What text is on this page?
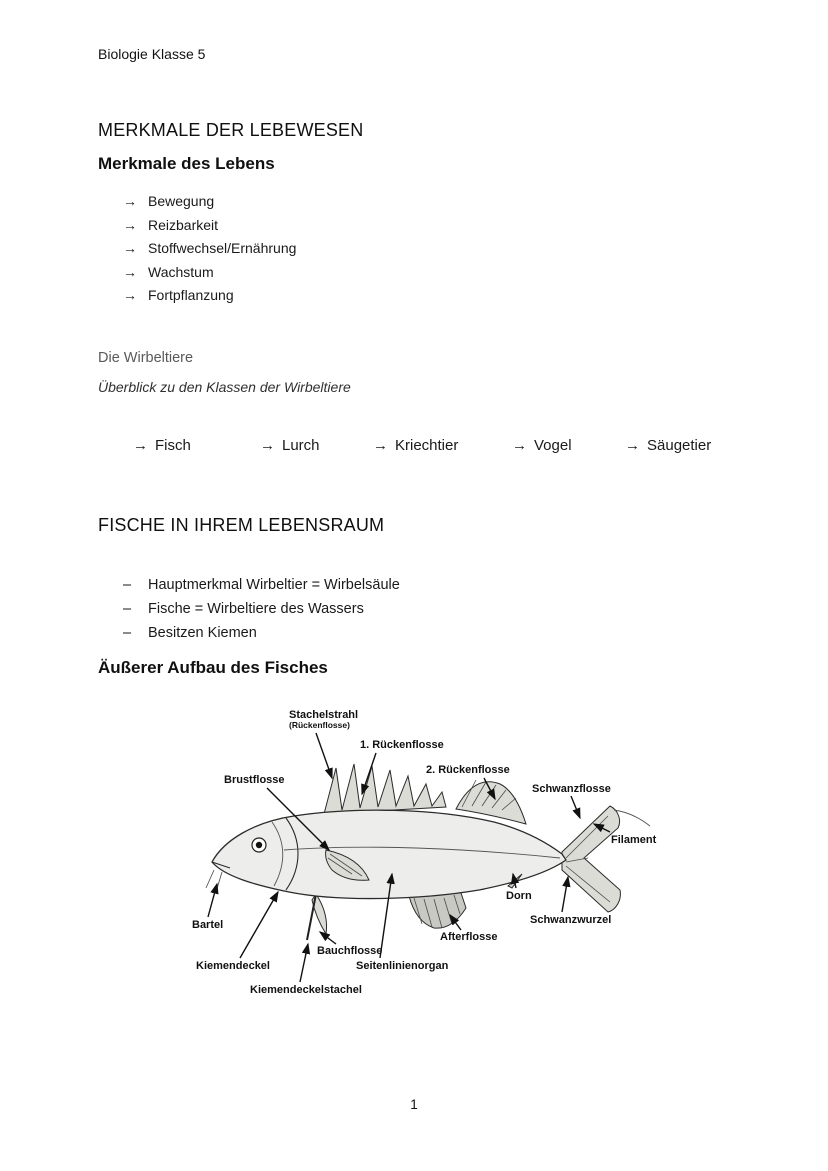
Biologie Klasse 5
MERKMALE DER LEBEWESEN
Merkmale des Lebens
→ Bewegung
→ Reizbarkeit
→ Stoffwechsel/Ernährung
→ Wachstum
→ Fortpflanzung
Die Wirbeltiere
Überblick zu den Klassen der Wirbeltiere
→ Fisch	→ Lurch	→ Kriechtier	→ Vogel	→ Säugetier
FISCHE IN IHREM LEBENSRAUM
–	Hauptmerkmal Wirbeltier = Wirbelsäule
–	Fische = Wirbeltiere des Wassers
–	Besitzen Kiemen
Äußerer Aufbau des Fisches
Stachelstrahl
(Rückenflosse)
1. Rückenflosse
2. Rückenflosse
Brustflosse
Schwanzflosse
Filament
Dorn
Schwanzwurzel
Bartel
Afterflosse
Bauchflosse
Kiemendeckel	Seitenlinienorgan
Kiemendeckelstachel
1
